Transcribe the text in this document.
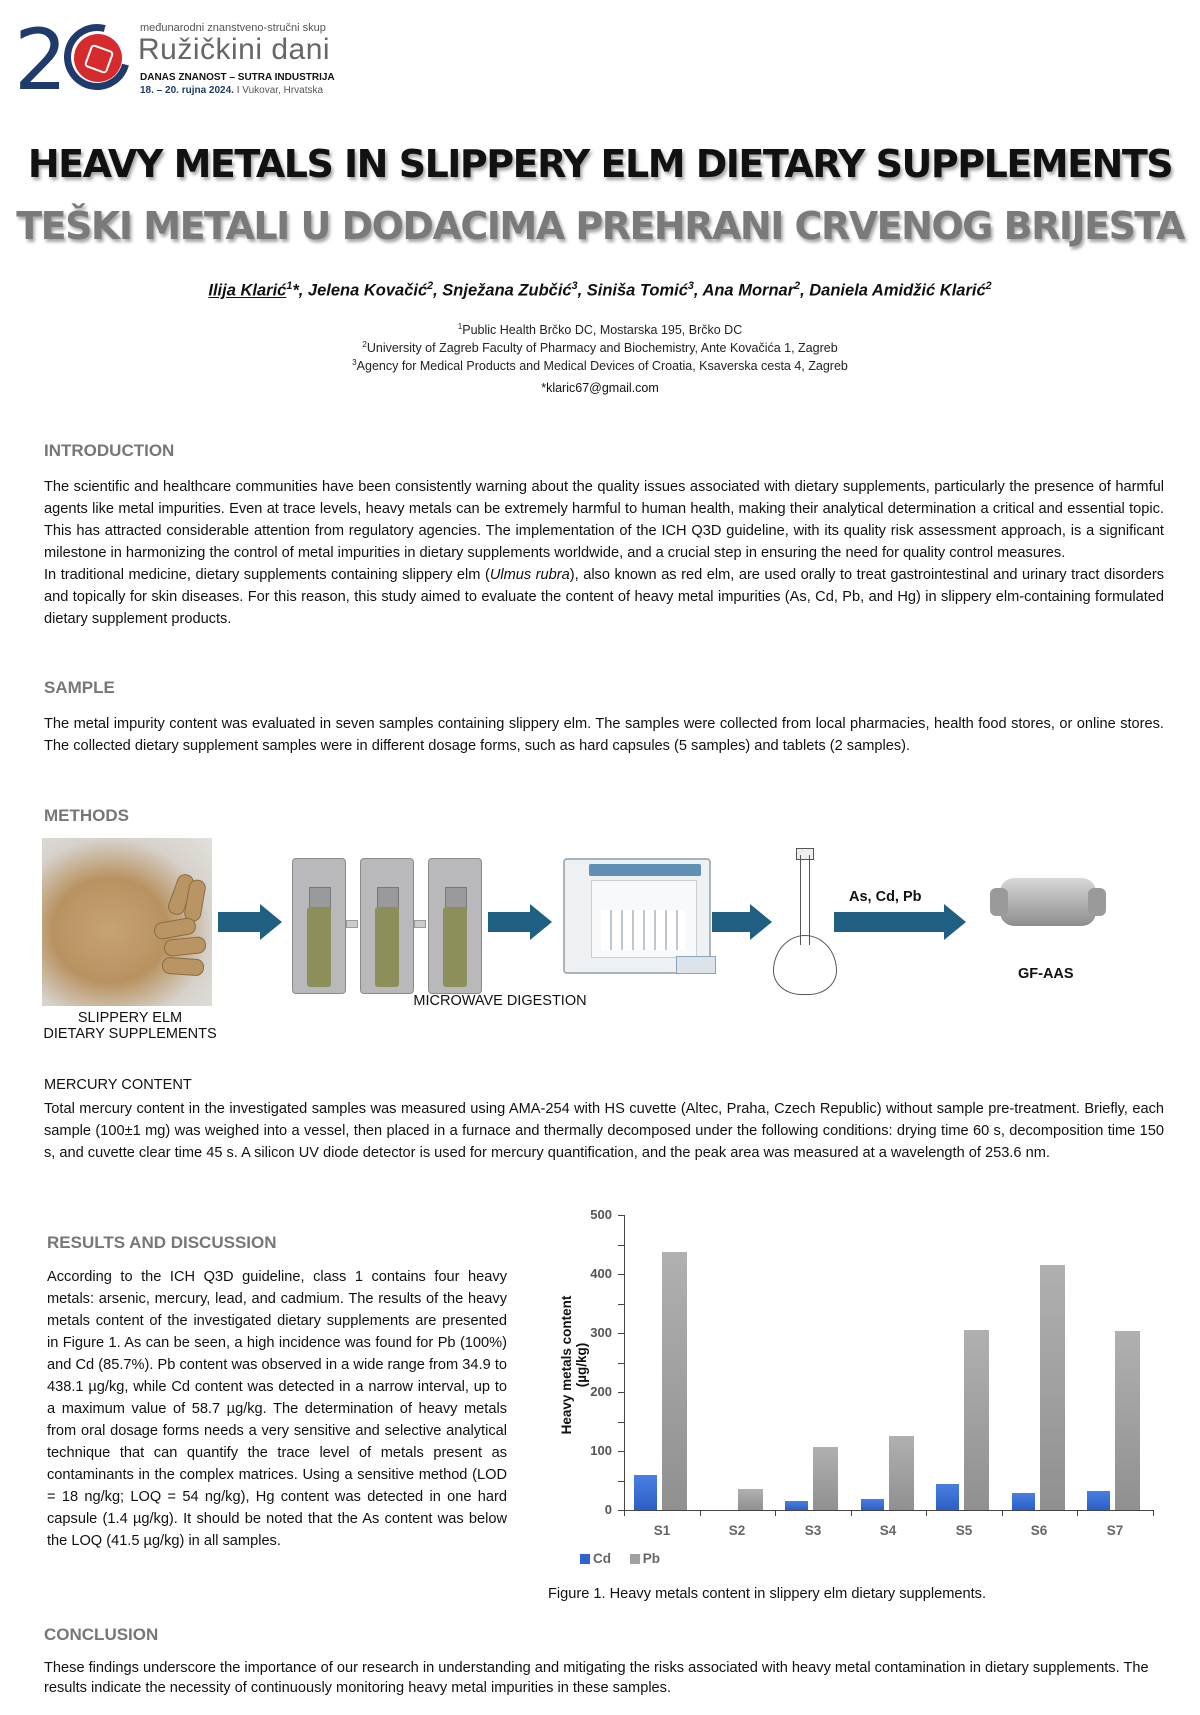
2	međunarodni znanstveno-stručni skup
Ružičkini dani
DANAS ZNANOST – SUTRA INDUSTRIJA
18. – 20. rujna 2024. I Vukovar, Hrvatska
HEAVY METALS IN SLIPPERY ELM DIETARY SUPPLEMENTS
TEŠKI METALI U DODACIMA PREHRANI CRVENOG BRIJESTA
Ilija Klarić$^1$*, Jelena Kovačić$^2$, Snježana Zubčić$^3$, Siniša Tomić$^3$, Ana Mornar$^2$, Daniela Amidžić Klarić$^2$
$^1$Public Health Brčko DC, Mostarska 195, Brčko DC
$^2$University of Zagreb Faculty of Pharmacy and Biochemistry, Ante Kovačića 1, Zagreb
$^3$Agency for Medical Products and Medical Devices of Croatia, Ksaverska cesta 4, Zagreb
*klaric67@gmail.com
INTRODUCTION
The scientific and healthcare communities have been consistently warning about the quality issues associated with dietary supplements, particularly the presence of harmful agents like metal impurities. Even at trace levels, heavy metals can be extremely harmful to human health, making their analytical determination a critical and essential topic. This has attracted considerable attention from regulatory agencies. The implementation of the ICH Q3D guideline, with its quality risk assessment approach, is a significant milestone in harmonizing the control of metal impurities in dietary supplements worldwide, and a crucial step in ensuring the need for quality control measures.
In traditional medicine, dietary supplements containing slippery elm (Ulmus rubra), also known as red elm, are used orally to treat gastrointestinal and urinary tract disorders and topically for skin diseases. For this reason, this study aimed to evaluate the content of heavy metal impurities (As, Cd, Pb, and Hg) in slippery elm-containing formulated dietary supplement products.
SAMPLE
The metal impurity content was evaluated in seven samples containing slippery elm. The samples were collected from local pharmacies, health food stores, or online stores. The collected dietary supplement samples were in different dosage forms, such as hard capsules (5 samples) and tablets (2 samples).
METHODS
SLIPPERY ELM
DIETARY SUPPLEMENTS
MICROWAVE DIGESTION
As, Cd, Pb
GF-AAS
MERCURY CONTENT
Total mercury content in the investigated samples was measured using AMA-254 with HS cuvette (Altec, Praha, Czech Republic) without sample pre-treatment. Briefly, each sample (100±1 mg) was weighed into a vessel, then placed in a furnace and thermally decomposed under the following conditions: drying time 60 s, decomposition time 150 s, and cuvette clear time 45 s. A silicon UV diode detector is used for mercury quantification, and the peak area was measured at a wavelength of 253.6 nm.
RESULTS AND DISCUSSION
According to the ICH Q3D guideline, class 1 contains four heavy metals: arsenic, mercury, lead, and cadmium. The results of the heavy metals content of the investigated dietary supplements are presented in Figure 1. As can be seen, a high incidence was found for Pb (100%) and Cd (85.7%). Pb content was observed in a wide range from 34.9 to 438.1 µg/kg, while Cd content was detected in a narrow interval, up to a maximum value of 58.7 µg/kg. The determination of heavy metals from oral dosage forms needs a very sensitive and selective analytical technique that can quantify the trace level of metals present as contaminants in the complex matrices. Using a sensitive method (LOD = 18 ng/kg; LOQ = 54 ng/kg), Hg content was detected in one hard capsule (1.4 µg/kg). It should be noted that the As content was below the LOQ (41.5 µg/kg) in all samples.
Heavy metals content (µg/kg)
0
100
200
300
400
500
S1	S2	S3	S4	S5	S6	S7
Cd Pb
Figure 1. Heavy metals content in slippery elm dietary supplements.
CONCLUSION
These findings underscore the importance of our research in understanding and mitigating the risks associated with heavy metal contamination in dietary supplements. The results indicate the necessity of continuously monitoring heavy metal impurities in these samples.
